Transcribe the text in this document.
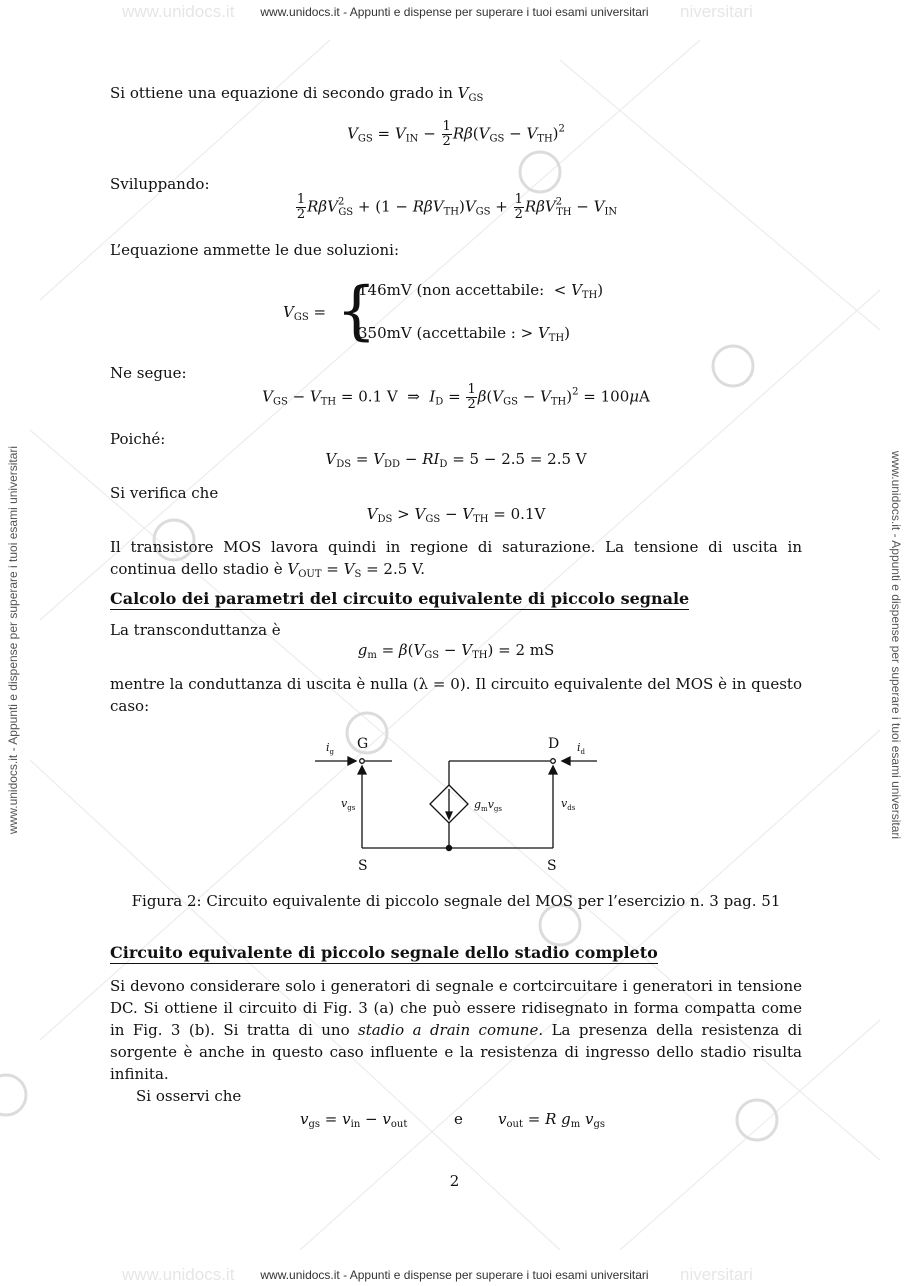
www.unidocs.it	niversitari
www.unidocs.it	niversitari
www.unidocs.it - Appunti e dispense per superare i tuoi esami universitari
www.unidocs.it - Appunti e dispense per superare i tuoi esami universitari
www.unidocs.it - Appunti e dispense per superare i tuoi esami universitari	www.unidocs.it - Appunti e dispense per superare i tuoi esami universitari
Si ottiene una equazione di secondo grado in $V_{GS}$
$V_{GS} = V_{IN} - \frac{1}{2} R\beta(V_{GS} - V_{TH})^2$
Sviluppando:
$\frac{1}{2} R\beta V^2_{GS} + (1 - R\beta V_{TH})V_{GS} + \frac{1}{2} R\beta V^2_{TH} - V_{IN}$
L’equazione ammette le due soluzioni:
$V_{GS}$ = {
146mV (non accettabile:  < $V_{TH}$)
350mV (accettabile : > $V_{TH}$)
Ne segue:
$V_{GS} - V_{TH} = 0.1$ V  ⇒  $I_D = \frac{1}{2} \beta(V_{GS} - V_{TH})^2 = 100\mu A$
Poiché:
$V_{DS} = V_{DD} - RI_D = 5 - 2.5 = 2.5$ V
Si verifica che
$V_{DS} > V_{GS} - V_{TH} = 0.1V$
Il transistore MOS lavora quindi in regione di saturazione. La tensione di uscita in continua dello stadio è $V_{OUT} = V_S = 2.5$ V.
Calcolo dei parametri del circuito equivalente di piccolo segnale
La transconduttanza è
$g_m = \beta(V_{GS} - V_{TH}) = 2$ mS
mentre la conduttanza di uscita è nulla (λ = 0). Il circuito equivalente del MOS è in questo caso:
G	D
S	S
$i_g$	$i_d$
$v_{gs}$	$v_{ds}$
$g_mv_{gs}$
Figura 2: Circuito equivalente di piccolo segnale del MOS per l’esercizio n. 3 pag. 51
Circuito equivalente di piccolo segnale dello stadio completo
Si devono considerare solo i generatori di segnale e cortcircuitare i generatori in tensione DC. Si ottiene il circuito di Fig. 3 (a) che può essere ridisegnato in forma compatta come in Fig. 3 (b). Si tratta di uno stadio a drain comune. La presenza della resistenza di sorgente è anche in questo caso influente e la resistenza di ingresso dello stadio risulta infinita.
Si osservi che
$v_{gs} = v_{in} - v_{out}$	e $v_{out} = R$ $g_m$ $v_{gs}$
2
